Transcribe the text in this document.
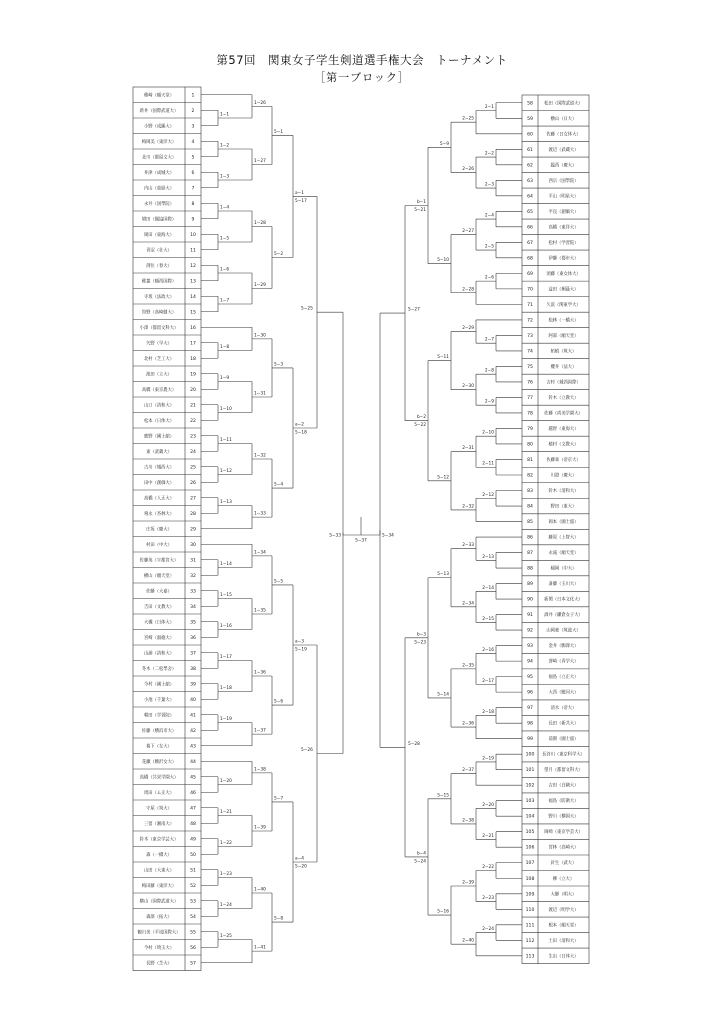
第57回　関東女子学生剣道選手権大会　トーナメント
［第一ブロック］
稚崎（順天堂）	1
新井（国際武道大）	2
小野（成蹊大）	3
梅岡美（東洋大）	4
北川（都留文大）	5
井津（成城大）	6
内山（東経大）	7
永井（国學院）	8
増田（獨協国際）	9
岡田（東海大）	10
青沼（壮大）	11
渕住（春大）	12
稚葉（順西国際）	13
寺坂（法政大）	14
狩野（高崎健大）	15
小澤（都留文科大）	16
矢野（早大）	17
北村（芝工大）	18
池田（立大）	19
高橋（東京農大）	20
山口（清和大）	21
松本（日体大）	22
鹿野（國士舘）	23
東（武蔵大）	24
古川（城西大）	25
田中（創価大）	26
高橋（人正大）	27
飛永（杏林大）	28
庄坂（慶大）	29
村田（中大）	30
佐藤英（宇都宮大）	31
横山（順天堂）	32
佐藤（大嘉）	33
吉田（文教大）	34
大槻（日体大）	35
宮崎（淑徳大）	36
山浦（清和大）	37
冬木（二松學舍）	38
今村（國士舘）	39
小池（千葉大）	40
朝田（学習院）	41
佐藤（横浜市大）	42
葛下（女大）	43
花瀬（駒沢女大）	44
高橋（共栄学園大）	45
周田（ム正大）	46
守屋（筑大）	47
三留（湘南大）	48
鈴木（東京学芸大）	49
森（一橋大）	50
山田（大東大）	51
梅田藤（東洋大）	52
横山（国際武道大）	53
森澤（拓大）	54
鶴川美（平成国際大） 55
今村（埼玉大）	56
長野（芝大）	57
58	松田（国際武道大）
59	横山（日大）
60	佐藤（日女体大）
61	渡辺（武蔵大）
62	臨西（慶大）
63	西宗（国學院）
64	平山（明星大）
65	平良（創価大）
66	高橋（東洋大）
67	松村（学習院）
68	伊藤（都市大）
69	須藤（東女体大）
70	益田（桐蔭大）
71	久富（関東学大）
72	松林（一橋大）
73	阿部（順天堂）
74	柘植（筑大）
75	櫻井（法大）
76	吉村（城西国際）
77	鈴木（立教大）
78	佐藤（尚美学園大）
79	越智（東海大）
80	植村（文教大）
81	佐藤栞（帝京大）
82	川澄（慶大）
83	鈴木（清和大）
84	野田（東大）
85	岡本（國士舘）
86	藤原（上智大）
87	永滝（順天堂）
88	稲岡（中大）
89	斎藤（玉川大）
90	新関（日本文化大）
91	酒井（鎌倉女子大）
92	山岡豪（筑波大）
93	金井（駒澤大）
94	澤崎（青学大）
95	福島（立正大）
96	大西（駿河大）
97	清水（帝大）
98	長田（新共大）
99	前園（國士舘）
100 長谷川（東京科学大）
101 望月（都留文科大）
102	吉田（白鷗大）
103	福島（防衛大）
104	野川（横国大）
105 岡崎（東京学芸大）
106	宮林（高崎大）
107	針生（武大）
108	柳（立大）
109	大御（明大）
110	渡辺（明学大）
111	根本（順天堂）
112	土田（清和大）
113	生出（日体大）
1−1
1−2
1−3
1−26
1−27
5−1
1−4
1−5
1−6
1−7
1−28
1−29
5−2
1−8
1−9
1−10
1−30
1−31
5−3
1−11
1−12
1−13
1−32
1−33
5−4
1−14
1−15
1−16
1−34
1−35
5−5
1−17
1−18
1−19
1−36
1−37
5−6
1−20
1−21
1−22
1−38
1−39
5−7
1−23
1−24
1−25
1−40
1−41
5−8
a−1
5−17
a−2
5−18
a−3
5−19
a−4
5−20
5−25
5−26
2−1
2−2
2−3
2−25
2−26
5−9
2−4
2−5
2−6
2−27
2−28
5−10
2−7
2−8
2−9
2−29
2−30
5−11
2−10
2−11
2−12
2−31
2−32
5−12
2−13
2−14
2−15
2−33
2−34
5−13
2−16
2−17
2−18
2−35
2−36
5−14
2−19
2−20
2−21
2−37
2−38
5−15
2−22
2−23
2−24
2−39
2−40
5−16
b−1
5−21
b−2
5−22
b−3
5−23
b−4
5−24
5−27
5−28
5−33
5−37
5−34
